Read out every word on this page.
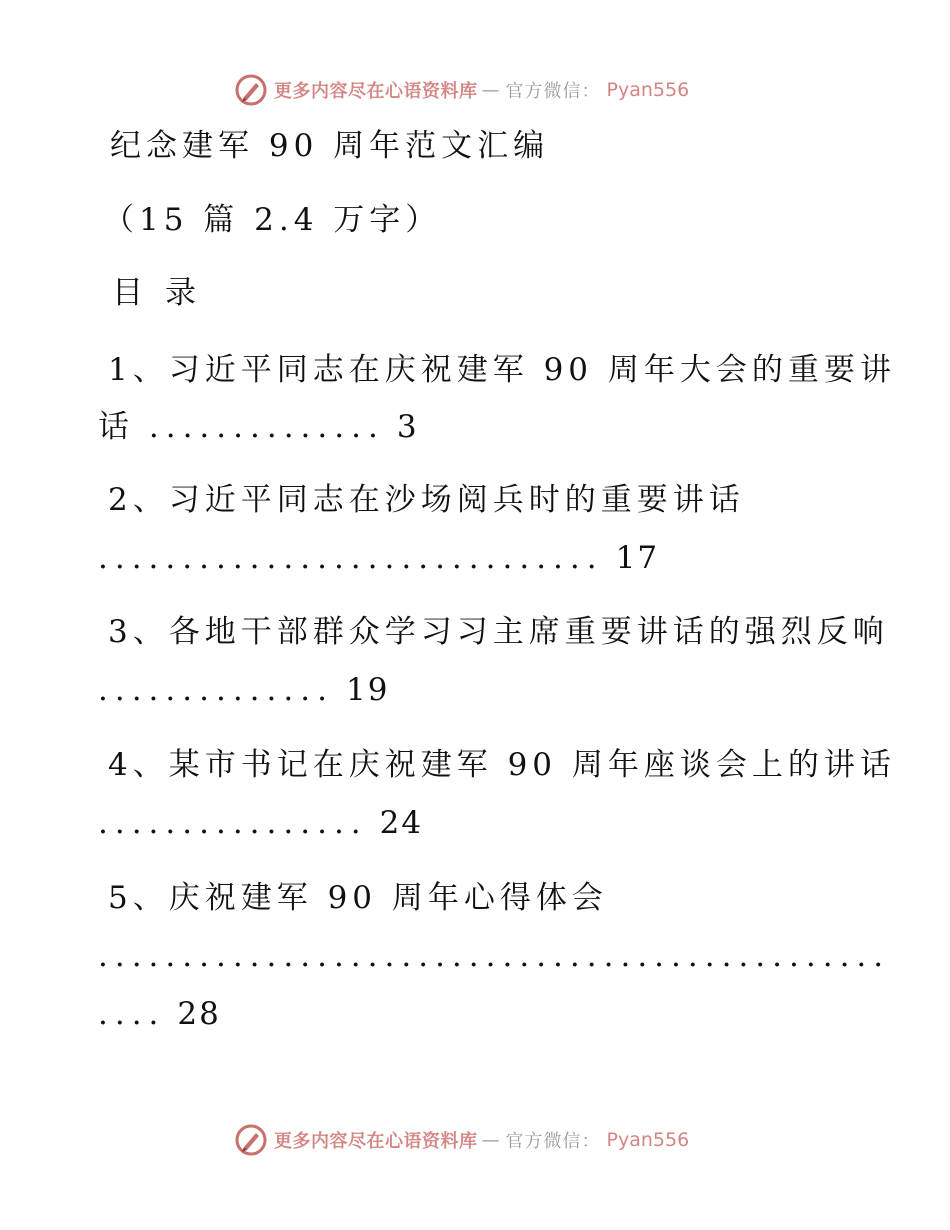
更多内容尽在心语资料库 — 官方微信： Pyan556
纪念建军 90 周年范文汇编
（15 篇 2.4 万字）
目录
1、习近平同志在庆祝建军 90 周年大会的重要讲
话 .............. 3
2、习近平同志在沙场阅兵时的重要讲话
.............................. 17
3、各地干部群众学习习主席重要讲话的强烈反响
.............. 19
4、某市书记在庆祝建军 90 周年座谈会上的讲话
................ 24
5、庆祝建军 90 周年心得体会
...............................................
.... 28
更多内容尽在心语资料库 — 官方微信： Pyan556
